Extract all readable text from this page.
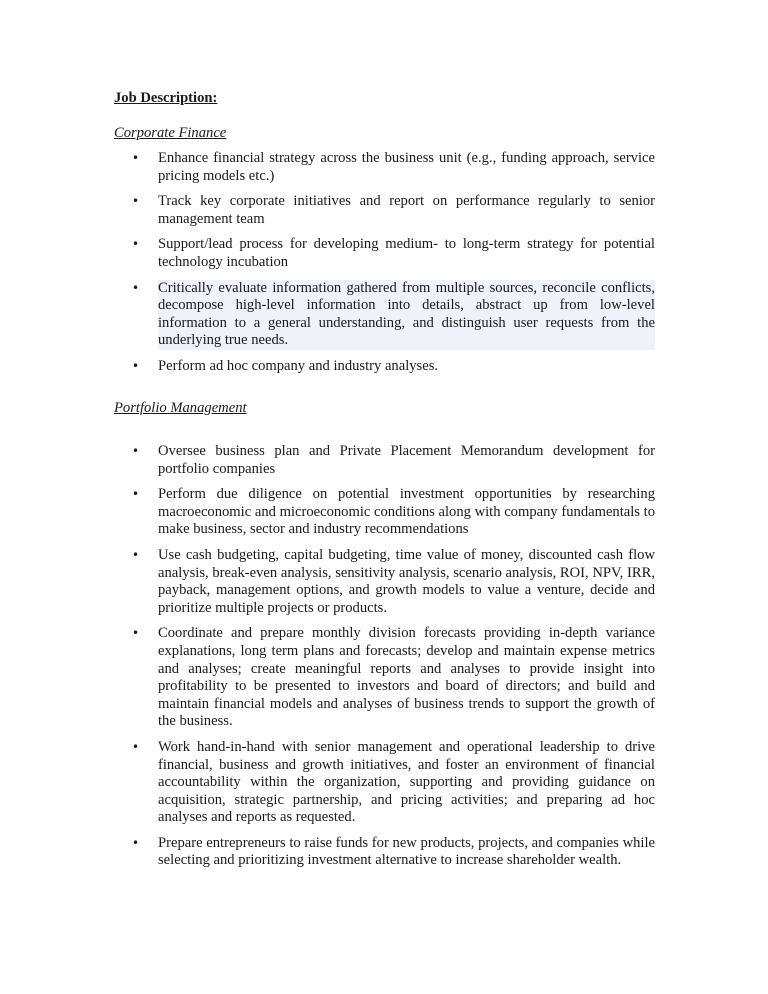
Job Description:
Corporate Finance
• Enhance financial strategy across the business unit (e.g., funding approach, service pricing models etc.)
• Track key corporate initiatives and report on performance regularly to senior management team
• Support/lead process for developing medium- to long-term strategy for potential technology incubation
• Critically evaluate information gathered from multiple sources, reconcile conflicts, decompose high-level information into details, abstract up from low-level information to a general understanding, and distinguish user requests from the underlying true needs.
• Perform ad hoc company and industry analyses.
Portfolio Management
• Oversee business plan and Private Placement Memorandum development for portfolio companies
• Perform due diligence on potential investment opportunities by researching macroeconomic and microeconomic conditions along with company fundamentals to make business, sector and industry recommendations
• Use cash budgeting, capital budgeting, time value of money, discounted cash flow analysis, break-even analysis, sensitivity analysis, scenario analysis, ROI, NPV, IRR, payback, management options, and growth models to value a venture, decide and prioritize multiple projects or products.
• Coordinate and prepare monthly division forecasts providing in-depth variance explanations, long term plans and forecasts; develop and maintain expense metrics and analyses; create meaningful reports and analyses to provide insight into profitability to be presented to investors and board of directors; and build and maintain financial models and analyses of business trends to support the growth of the business.
• Work hand-in-hand with senior management and operational leadership to drive financial, business and growth initiatives, and foster an environment of financial accountability within the organization, supporting and providing guidance on acquisition, strategic partnership, and pricing activities; and preparing ad hoc analyses and reports as requested.
• Prepare entrepreneurs to raise funds for new products, projects, and companies while selecting and prioritizing investment alternative to increase shareholder wealth.
